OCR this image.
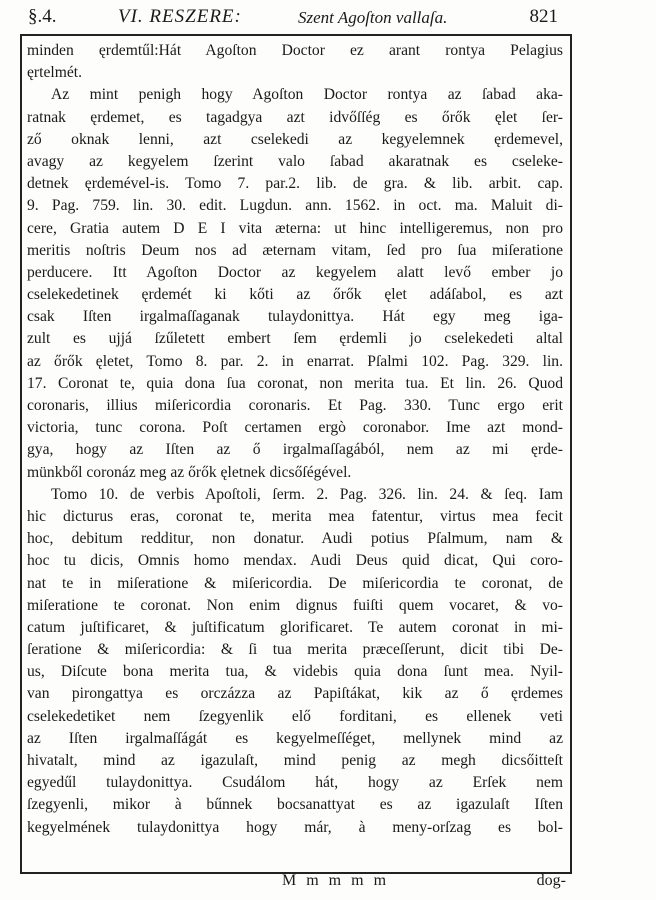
§.4.	VI. RESZERE:	Szent Agoſton vallaſa.	821
minden ęrdemtűl:Hát Agoſton Doctor ez arant rontya Pelagius
ęrtelmét.
Az mint penigh hogy Agoſton Doctor rontya az ſabad aka-
ratnak ęrdemet, es tagadgya azt idvőſſég es őrők ęlet ſer-
ző oknak lenni, azt cselekedi az kegyelemnek ęrdemevel,
avagy az kegyelem ſzerint valo ſabad akaratnak es cseleke-
detnek ęrdemével-is. Tomo 7. par.2. lib. de gra. & lib. arbit. cap.
9. Pag. 759. lin. 30. edit. Lugdun. ann. 1562. in oct. ma. Maluit di-
cere, Gratia autem D E I vita æterna: ut hinc intelligeremus, non pro
meritis noſtris Deum nos ad æternam vitam, ſed pro ſua miſeratione
perducere. Itt Agoſton Doctor az kegyelem alatt levő ember jo
cselekedetinek ęrdemét ki kőti az őrők ęlet adáſabol, es azt
csak Iſten irgalmaſſaganak tulaydonittya. Hát egy meg iga-
zult es ujjá ſzűletett embert ſem ęrdemli jo cselekedeti altal
az őrők ęletet, Tomo 8. par. 2. in enarrat. Pſalmi 102. Pag. 329. lin.
17. Coronat te, quia dona ſua coronat, non merita tua. Et lin. 26. Quod
coronaris, illius miſericordia coronaris. Et Pag. 330. Tunc ergo erit
victoria, tunc corona. Poſt certamen ergò coronabor. Ime azt mond-
gya, hogy az Iſten az ő irgalmaſſagából, nem az mi ęrde-
münkből coronáz meg az őrők ęletnek dicsőſégével.
Tomo 10. de verbis Apoſtoli, ſerm. 2. Pag. 326. lin. 24. & ſeq. Iam
hic dicturus eras, coronat te, merita mea fatentur, virtus mea fecit
hoc, debitum redditur, non donatur. Audi potius Pſalmum, nam &
hoc tu dicis, Omnis homo mendax. Audi Deus quid dicat, Qui coro-
nat te in miſeratione & miſericordia. De miſericordia te coronat, de
miſeratione te coronat. Non enim dignus fuiſti quem vocaret, & vo-
catum juſtificaret, & juſtificatum glorificaret. Te autem coronat in mi-
ſeratione & miſericordia: & ſi tua merita præceſſerunt, dicit tibi De-
us, Diſcute bona merita tua, & videbis quia dona ſunt mea. Nyil-
van pirongattya es orczázza az Papiſtákat, kik az ő ęrdemes
cselekedetiket nem ſzegyenlik elő forditani, es ellenek veti
az Iſten irgalmaſſágát es kegyelmeſſéget, mellynek mind az
hivatalt, mind az igazulaſt, mind penig az megh dicsőitteſt
egyedűl tulaydonittya. Csudálom hát, hogy az Erſek nem
ſzegyenli, mikor à bűnnek bocsanattyat es az igazulaſt Iſten
kegyelmének tulaydonittya hogy már, à meny-orſzag es bol-
M m m m m	dog-
